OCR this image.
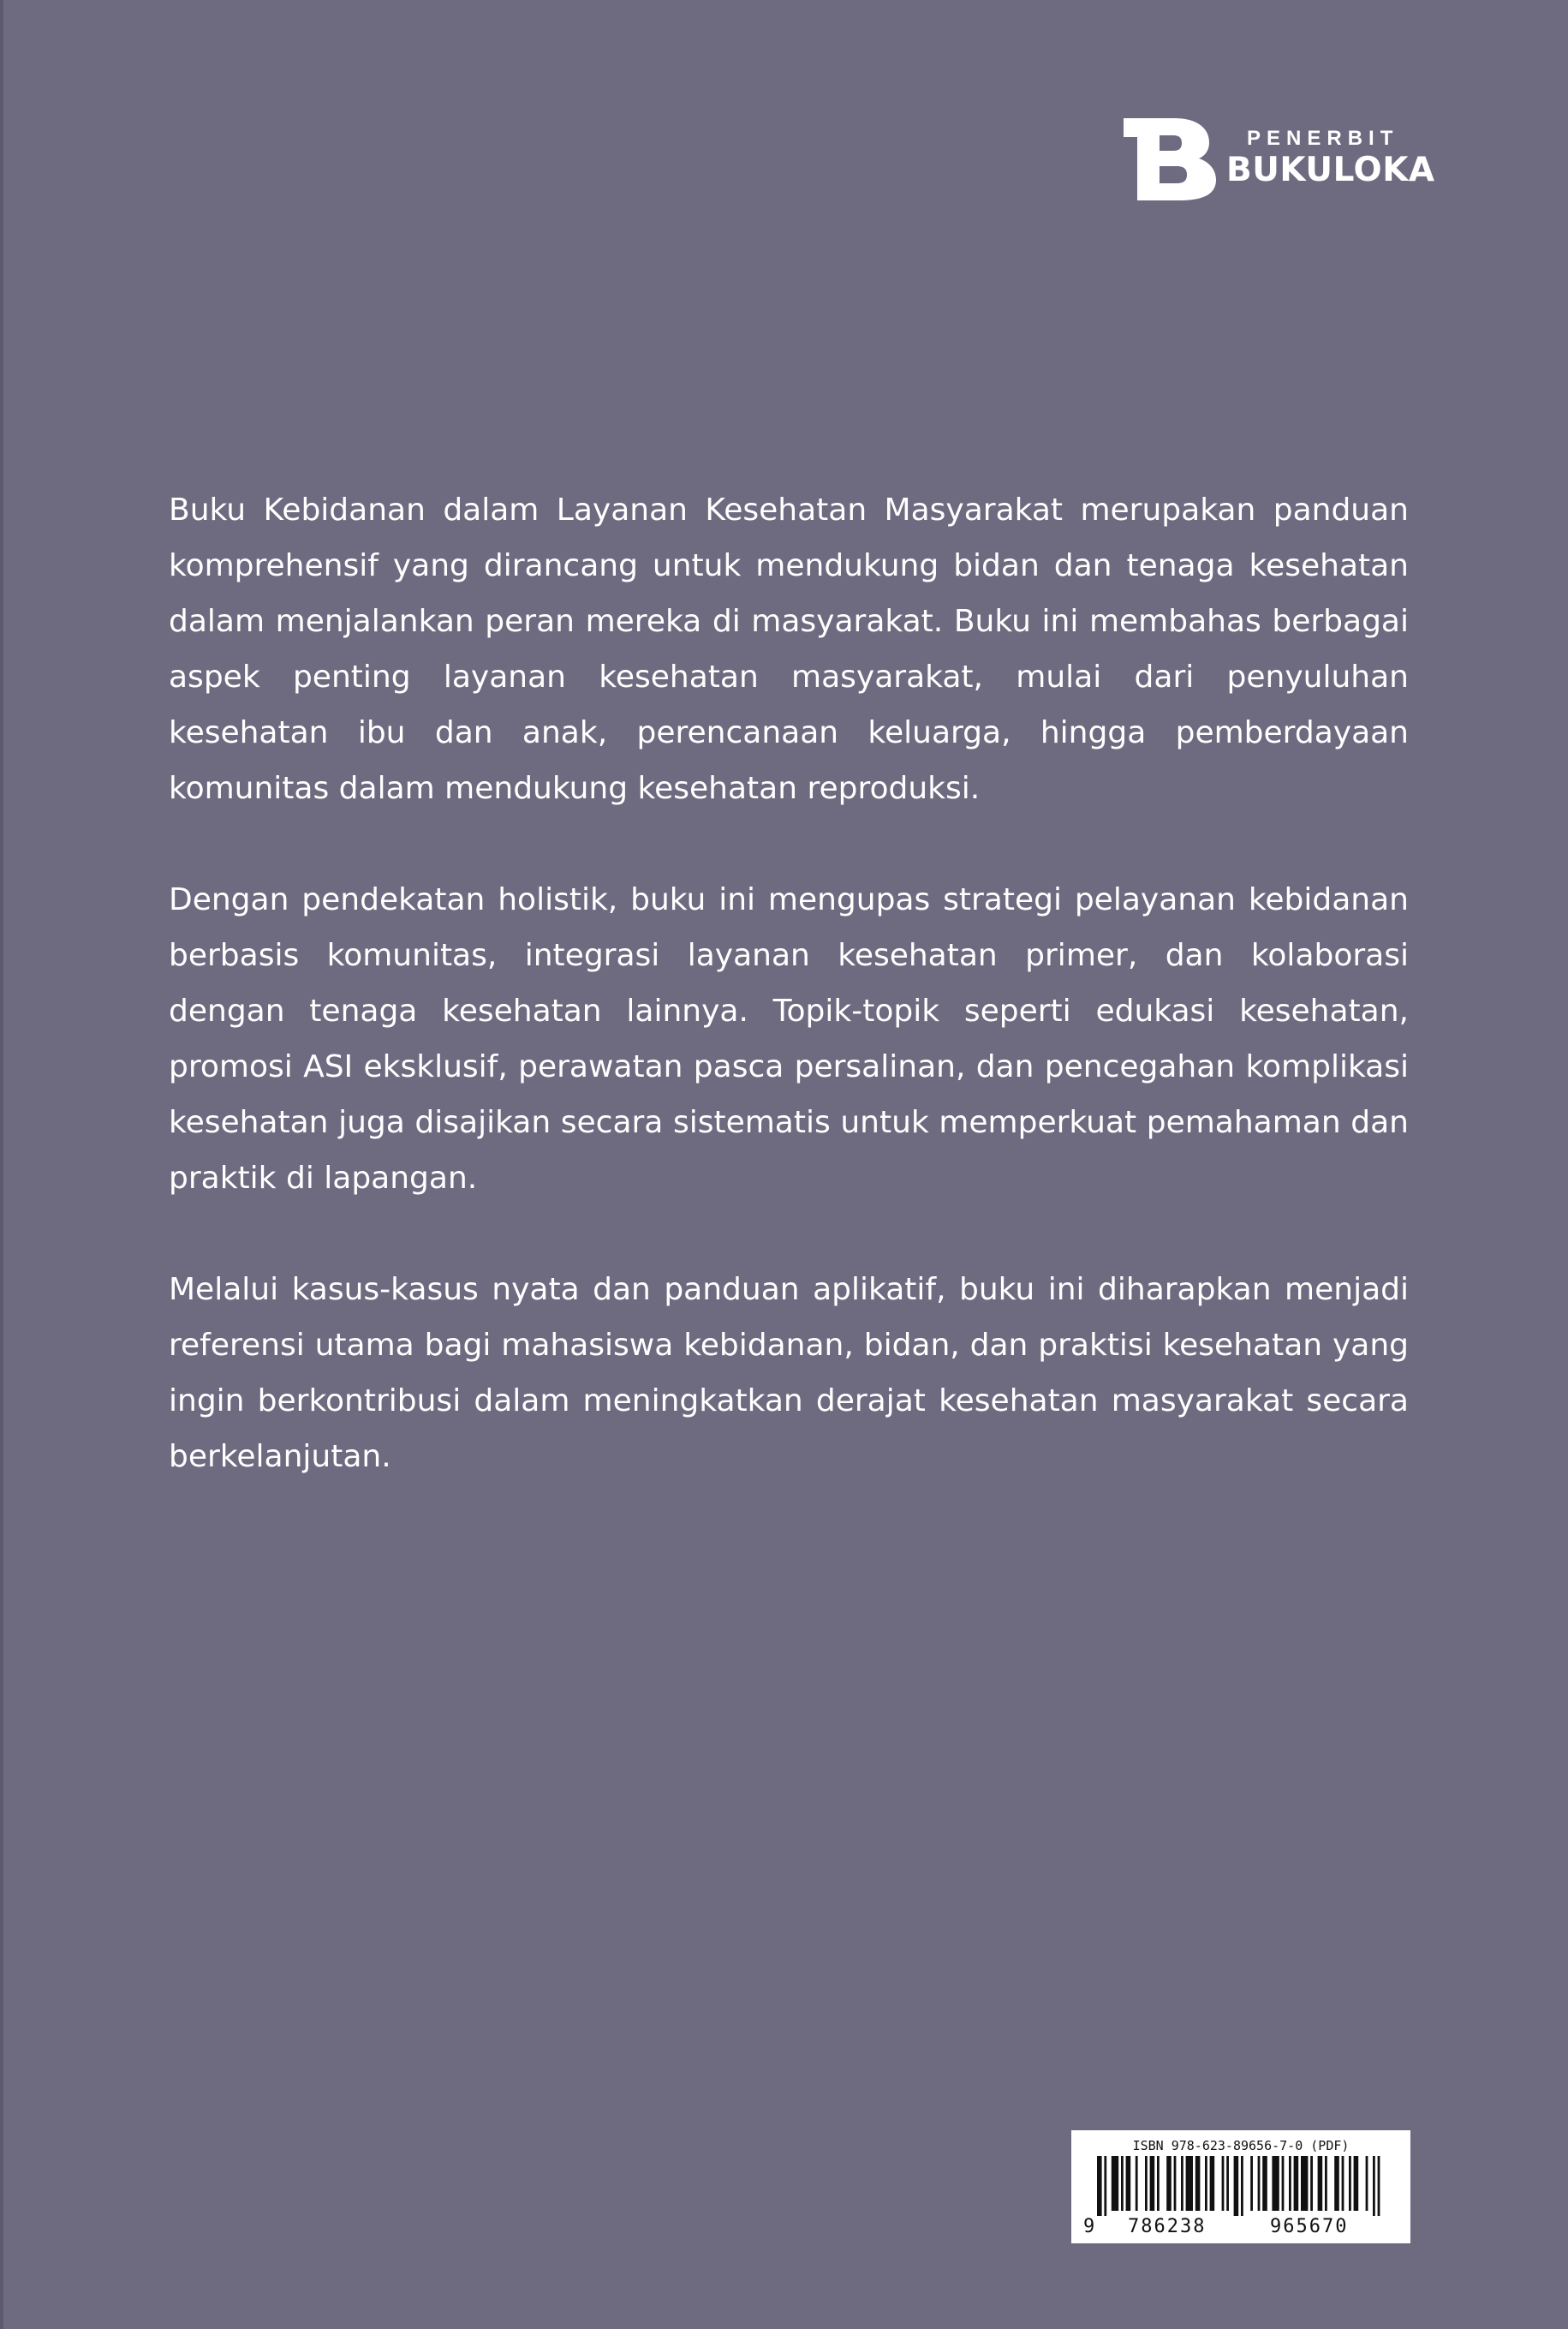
PENERBIT
BUKULOKA

Buku Kebidanan dalam Layanan Kesehatan Masyarakat merupakan panduan komprehensif yang dirancang untuk mendukung bidan dan tenaga kesehatan dalam menjalankan peran mereka di masyarakat. Buku ini membahas berbagai aspek penting layanan kesehatan masyarakat, mulai dari penyuluhan kesehatan ibu dan anak, perencanaan keluarga, hingga pemberdayaan komunitas dalam mendukung kesehatan reproduksi.

Dengan pendekatan holistik, buku ini mengupas strategi pelayanan kebidanan berbasis komunitas, integrasi layanan kesehatan primer, dan kolaborasi dengan tenaga kesehatan lainnya. Topik-topik seperti edukasi kesehatan, promosi ASI eksklusif, perawatan pasca persalinan, dan pencegahan komplikasi kesehatan juga disajikan secara sistematis untuk memperkuat pemahaman dan praktik di lapangan.

Melalui kasus-kasus nyata dan panduan aplikatif, buku ini diharapkan menjadi referensi utama bagi mahasiswa kebidanan, bidan, dan praktisi kesehatan yang ingin berkontribusi dalam meningkatkan derajat kesehatan masyarakat secara berkelanjutan.

ISBN 978-623-89656-7-0 (PDF)
9 786238	965670
